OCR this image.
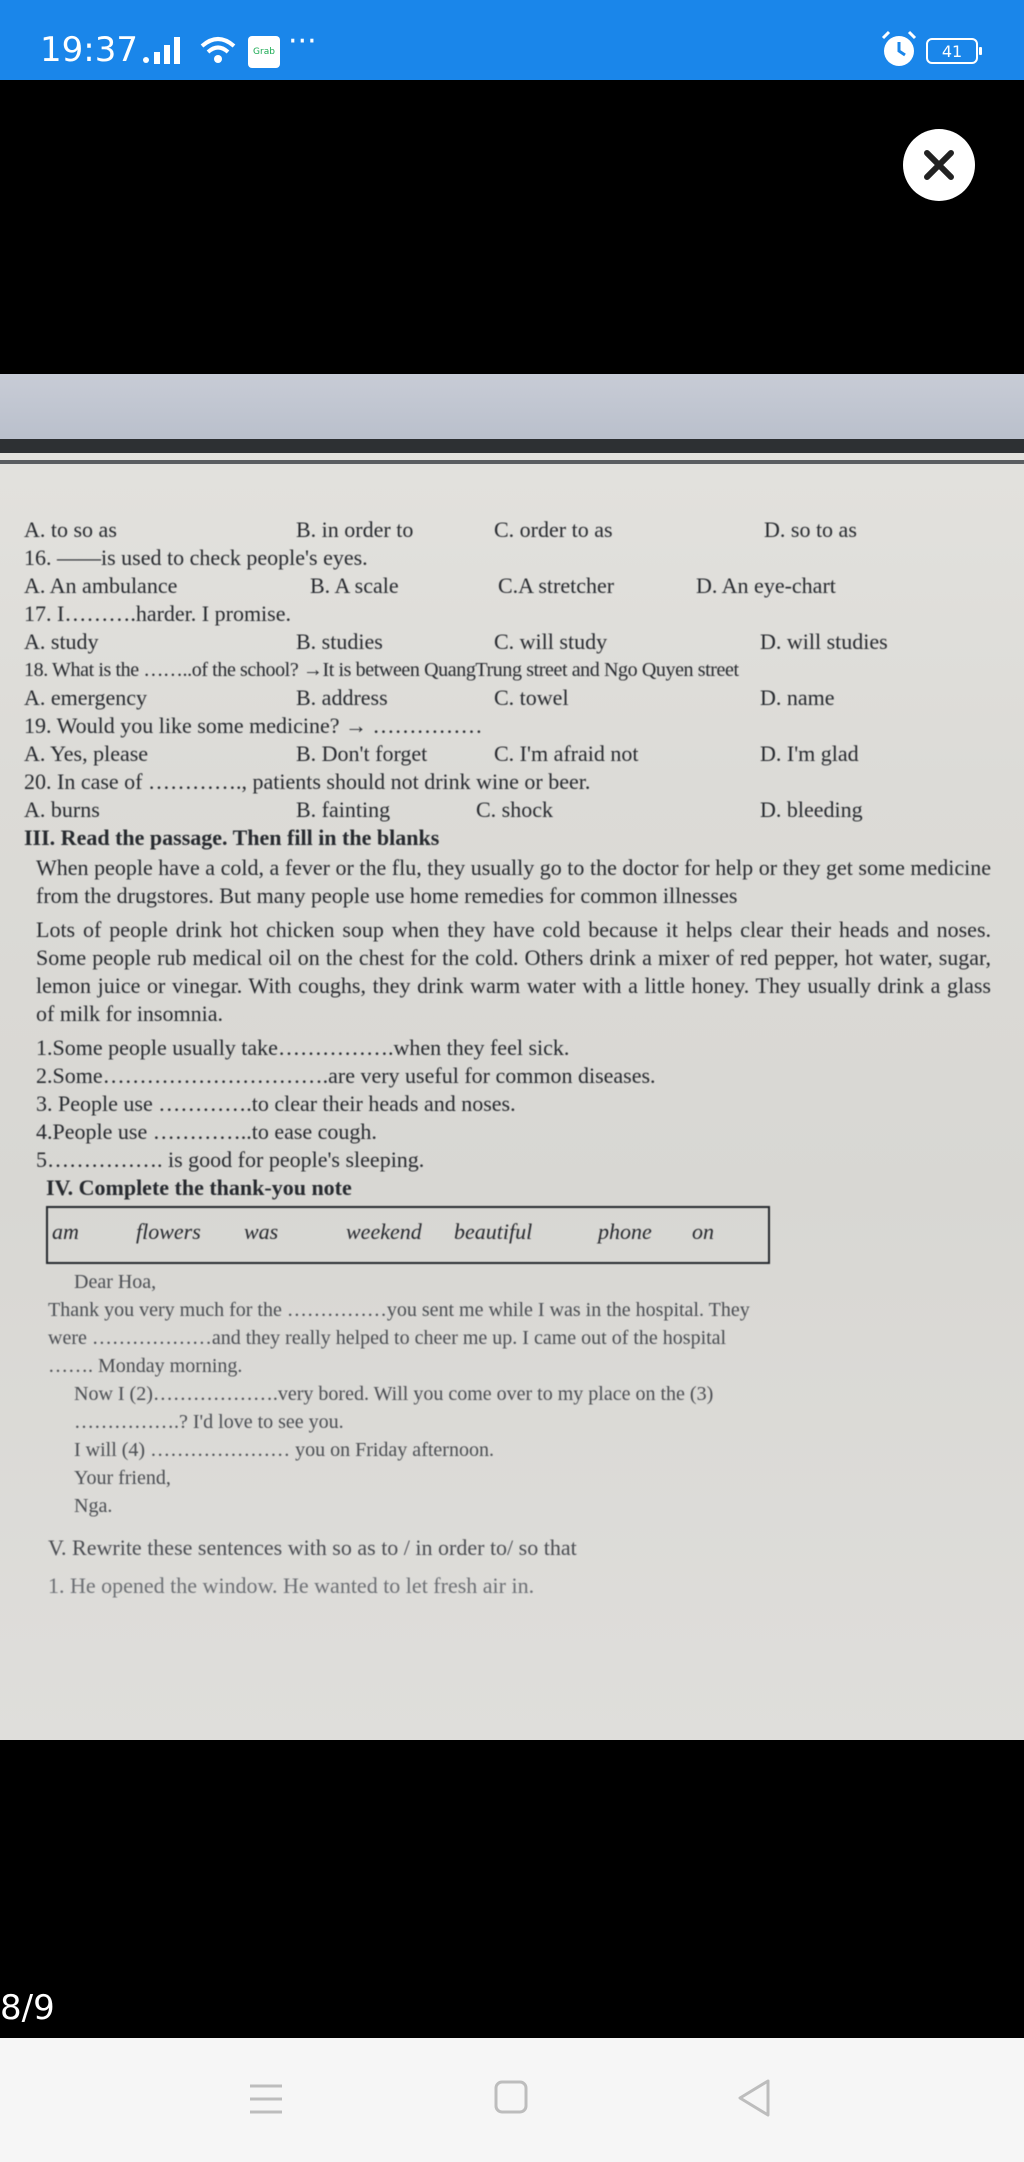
19:37	Grab ···	41
A. to so as	B. in order to	C. order to as	D. so to as
16. ——is used to check people's eyes.
A. An ambulance	B. A scale	C.A stretcher	D. An eye-chart
17. I……….harder. I promise.
A. study	B. studies	C. will study	D. will studies
18. What is the ……..of the school? →It is between QuangTrung street and Ngo Quyen street
A. emergency	B. address	C. towel	D. name
19. Would you like some medicine? → ……………
A. Yes, please	B. Don't forget	C. I'm afraid not	D. I'm glad
20. In case of …………., patients should not drink wine or beer.
A. burns	B. fainting	C. shock	D. bleeding
III. Read the passage. Then fill in the blanks
When people have a cold, a fever or the flu, they usually go to the doctor for help or they get some medicine from the drugstores. But many people use home remedies for common illnesses
Lots of people drink hot chicken soup when they have cold because it helps clear their heads and noses. Some people rub medical oil on the chest for the cold. Others drink a mixer of red pepper, hot water, sugar, lemon juice or vinegar. With coughs, they drink warm water with a little honey. They usually drink a glass of milk for insomnia.
1.Some people usually take…………….when they feel sick.
2.Some………………………….are very useful for common diseases.
3. People use ………….to clear their heads and noses.
4.People use …………..to ease cough.
5……………. is good for people's sleeping.
IV. Complete the thank-you note
am	flowers was	weekend beautiful	phone on
Dear Hoa,
Thank you very much for the ……………you sent me while I was in the hospital. They
were ………………and they really helped to cheer me up. I came out of the hospital
……. Monday morning.
Now I (2)……………….very bored. Will you come over to my place on the (3)
…………….? I'd love to see you.
I will (4) ………………… you on Friday afternoon.
Your friend,
Nga.
V. Rewrite these sentences with so as to / in order to/ so that
1. He opened the window. He wanted to let fresh air in.
8/9
